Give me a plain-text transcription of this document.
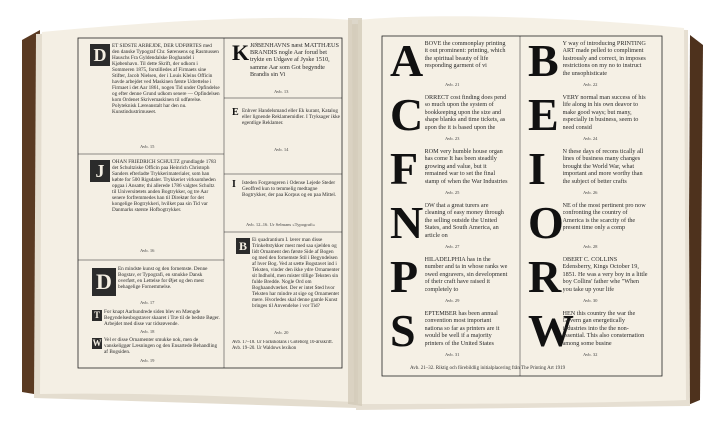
D	ET SIDSTE ARBEJDE, DER UDFØRTES med den danske Typograf Chr. Sørensens og Rasmussen Hauschs Fra Gyldendalske Boghandel i Kjøbenhavn. Til dette Skrift, der udkom i Sommeren 1875, forstilledes af Firmaets sine Stifter, Jacob Nielsen, der i Louis Kleins Officin havde arbejdet ved Maskinen første Udrettelse i Firmaet i det Aar 1861, nogen Tid under Opfindelse og efter denne Grund udkom senere — Opfindelsen kom Ordenet Skrivemaskinen til udførelse. Polyteknisk Læreanstalt har den nu. Kunstindustrimuseet.
Avb. 15
J	OHAN FRIEDRICH SCHULTZ grundlagde 1783 det Schultziske Officin paa Heinrich Christoph Sanders efterladte Trykkerimaterialer, som han købte for 500 Rigsdaler. Trykkeriet virksomheden opgaa i Ansatte; thi allerede 1786 valgtes Schultz til Universitetets anden Bogtrykker, og tre Aar senere forfremmedes han til Direktør for det kongelige Bogtrykkeri, hvilket paa sin Tid var Danmarks største Hofbogtrykker.
Avb. 16
D	En mindste kunst og den fornemste. Denne Bogstav, er Typografi, en smukke Dansk overført, en Lettelse for Øjet og den mest behagelige Fornemmelse.
Avb. 17
T For knapt Aarhundrede siden blev en Mængde Begyndelsesbogstaver skaaret i Træ til de bedste Bøger. Arbejdet med disse var tidsrøvende.
Avb. 18
W Vel er disse Ornamenter smukke nok, men de vanskeliggør Læsningen og den Ensartede Behandling af Bogsiden.
Avb. 19
K JØBENHAVNS næst MATTHÆUS BRANDIS nogle Aar forud bet trykte en Udgave af Jyske 1510, samme Aar som Got begyndte Brandis sin Vi
Avb. 13
E Enhver Handelsmand eller Ek kurant, Katalog eller lignende Reklamemidler. I Tryksager ikke egentlige Reklamer.
Avb. 14
I Isteden Forgængeren i Odense Lejede Steder Geoffred kun to temmelig medtagne Bogtrykker, der paa Korpus og en paa Mittel.
Avb. 12–16. Ur Selmans »Typografi«
B Ei quadrantium I. lærer man disse Trinkeltstykker mest med saa sjælden og lidt Ornament den første Side af Bogen og med den fornemste Stil i Begyndelsen af hver Bog. Ved at sætte Bogstavet ind i Teksten, vinder den ikke ydre Ornamenter sit Indhold, men mister tillige Teksten sin fulde Bredde. Nogle Ord om Boghaandværket. Der er intet Sted hvor Teksten har mindre at sige og Ornamentet mere. Hvorledes skal denne gamle Kunst bringes til Anvendelse i vor Tid?
Avb. 20
Avb. 17–18. Ur Fackskolans i Göteborg 10-årsskrift. Avb. 19–20. Ur Waldows lexikon
A BOVE the commonplay printing it out prominent: printing, which the spiritual beauty of life responding garment of vi
Avb. 21
C ORRECT cost finding does pend so much upon the system of bookkeeping upon the size and shape blanks and time tickets, as upon the it is based upon the
Avb. 23
F ROM very humble house organ has come It has been steadily growing and value, but it remained war to set the final stamp of when the War Industries
Avb. 25
N OW that a great turers are cleaning of easy money through the selling outside the United States, and South America, an article on
Avb. 27
P HILADELPHIA has in the number and ta in whose ranks we owed engravers, sin development of their craft have raised it completely to
Avb. 29
S EPTEMBER has been annual convention most important nationa so far as printers are it would be well if a majority printers of the United States
Avb. 31
B Y way of introducing PRINTING ART made pelled to compliment lustrously and correct, in imposes restrictions on my no to instruct the unsophisticate
Avb. 22
E VERY normal man success of his life along in his own deavor to make good ways; but many, especially in business, seem to need consid
Avb. 24
I	N these days of recons tically all lines of business many changes brought the World War, what important and more worthy than the subject of better crafts
Avb. 26
O
NE of the most pertinent pro now confronting the country of America is the scarcity of the present time only a comp
Avb. 28
R OBERT C. COLLINS Edensberry, Kings October 19, 1851. He was a very boy in a little boy Collins' father whe "When you take up your life
Avb. 30
W
HEN this country the war the Govern gan energetically industries into the the non-essential. This also consternation among some busine
Avb. 32
Avb. 21–32. Riktig och förebildlig initialplacering från The Printing Art 1919
